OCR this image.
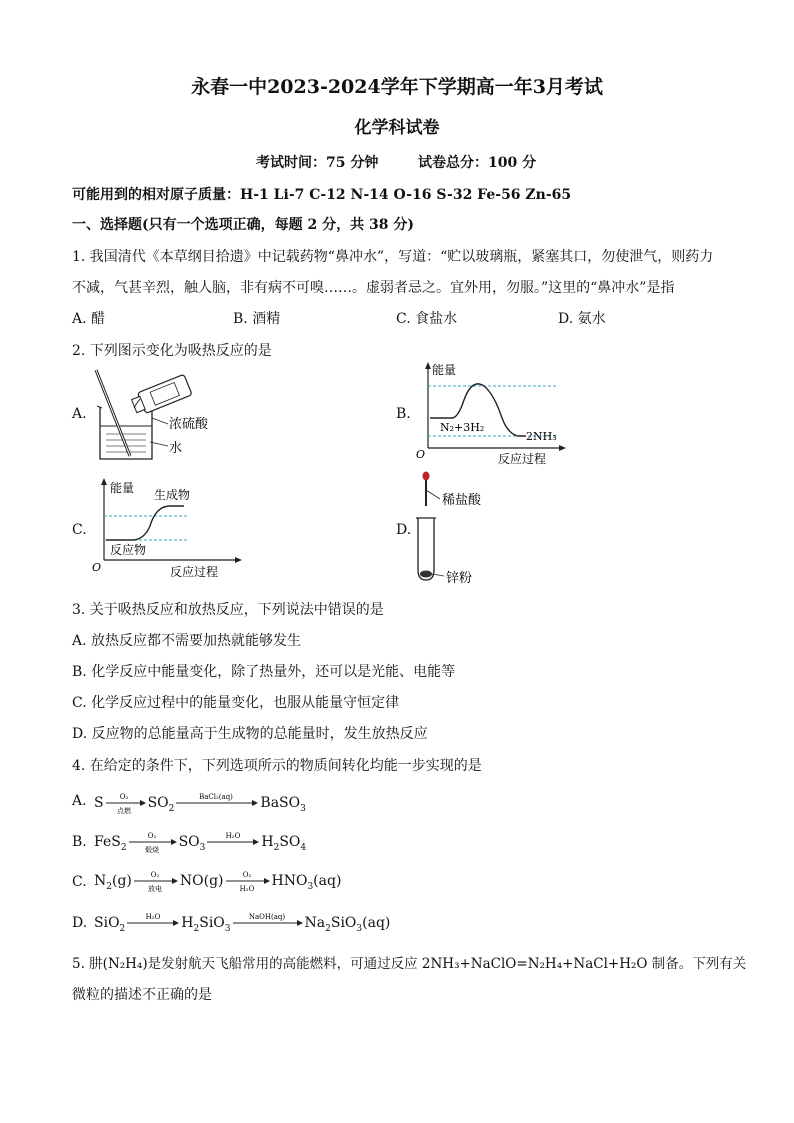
永春一中2023-2024学年下学期高一年3月考试
化学科试卷
考试时间：75 分钟	试卷总分：100 分
可能用到的相对原子质量：H-1 Li-7 C-12 N-14 O-16 S-32 Fe-56 Zn-65
一、选择题(只有一个选项正确，每题 2 分，共 38 分)
1. 我国清代《本草纲目拾遗》中记载药物“鼻冲水”，写道：“贮以玻璃瓶，紧塞其口，勿使泄气，则药力
不减，气甚辛烈，触人脑，非有病不可嗅……。虚弱者忌之。宜外用，勿服。”这里的“鼻冲水”是指
A. 醋	B. 酒精	C. 食盐水	D. 氨水
2. 下列图示变化为吸热反应的是
A.
浓硫酸
水
B.
能量
O	反应过程
N₂+3H₂
2NH₃
C.
能量
O	反应过程
生成物
反应物
D.
稀盐酸
锌粉
3. 关于吸热反应和放热反应，下列说法中错误的是
A. 放热反应都不需要加热就能够发生
B. 化学反应中能量变化，除了热量外，还可以是光能、电能等
C. 化学反应过程中的能量变化，也服从能量守恒定律
D. 反应物的总能量高于生成物的总能量时，发生放热反应
4. 在给定的条件下，下列选项所示的物质间转化均能一步实现的是
A. S O₂
点燃 $SO_2$
BaCl₂(aq) BaSO$_3$
B. FeS$_2$
O₂
煅烧 $SO_3$
H₂O $H_2SO_4$
C. $N_2(g)$	O₂
放电 NO(g)	O₂
H₂O $HNO_3(aq)$
D. SiO$_2$
H₂O $H_2SiO_3$
NaOH(aq) $Na_2SiO_3(aq)$
5. 肼(N₂H₄)是发射航天飞船常用的高能燃料，可通过反应 2NH₃+NaClO=N₂H₄+NaCl+H₂O 制备。下列有关
微粒的描述不正确的是
